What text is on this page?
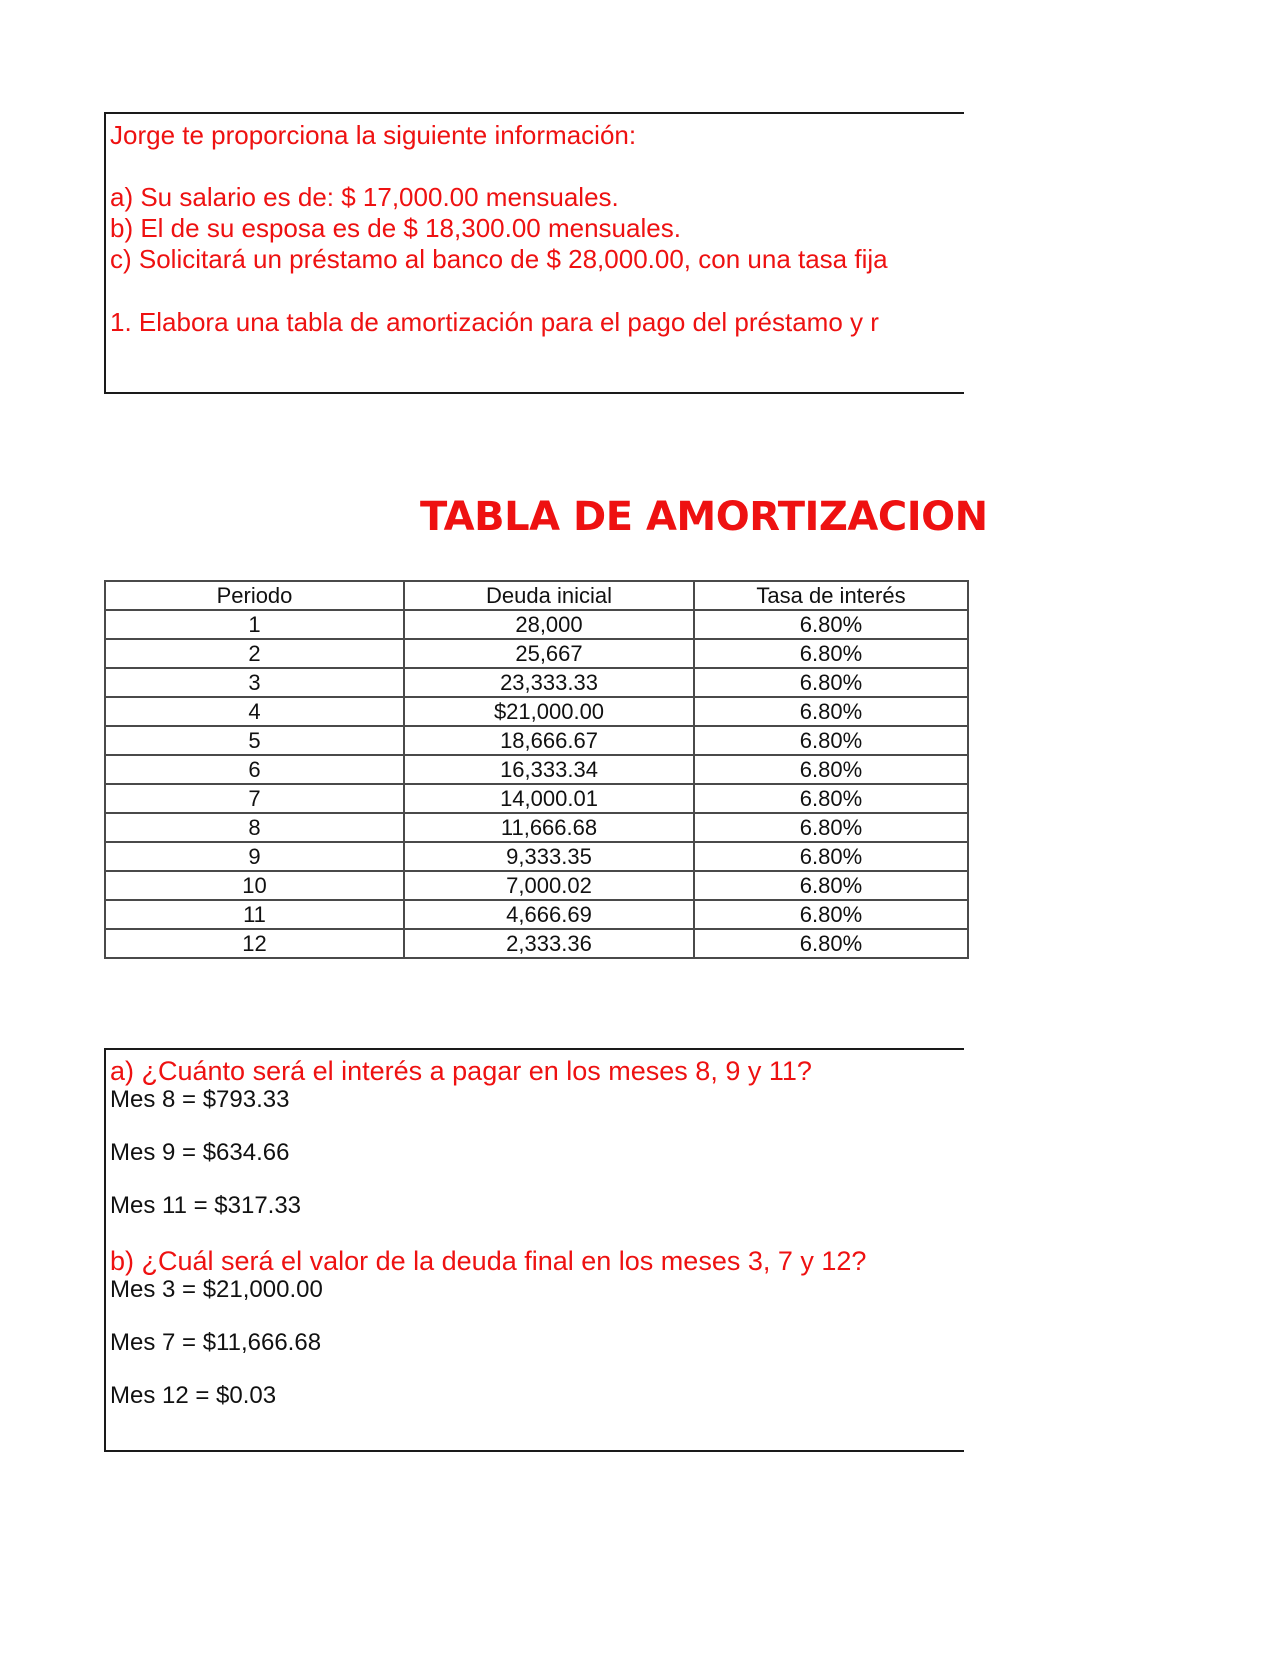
Jorge te proporciona la siguiente información:
a) Su salario es de: $ 17,000.00 mensuales.
b) El de su esposa es de $ 18,300.00 mensuales.
c) Solicitará un préstamo al banco de $ 28,000.00, con una tasa fija
1. Elabora una tabla de amortización para el pago del préstamo y r
TABLA DE AMORTIZACION
Periodo	Deuda inicial	Tasa de interés
1	28,000	6.80%
2	25,667	6.80%
3	23,333.33	6.80%
4	$21,000.00	6.80%
5	18,666.67	6.80%
6	16,333.34	6.80%
7	14,000.01	6.80%
8	11,666.68	6.80%
9	9,333.35	6.80%
10	7,000.02	6.80%
11	4,666.69	6.80%
12	2,333.36	6.80%
a) ¿Cuánto será el interés a pagar en los meses 8, 9 y 11?
Mes 8 = $793.33
Mes 9 = $634.66
Mes 11 = $317.33
b) ¿Cuál será el valor de la deuda final en los meses 3, 7 y 12?
Mes 3 = $21,000.00
Mes 7 = $11,666.68
Mes 12 = $0.03
